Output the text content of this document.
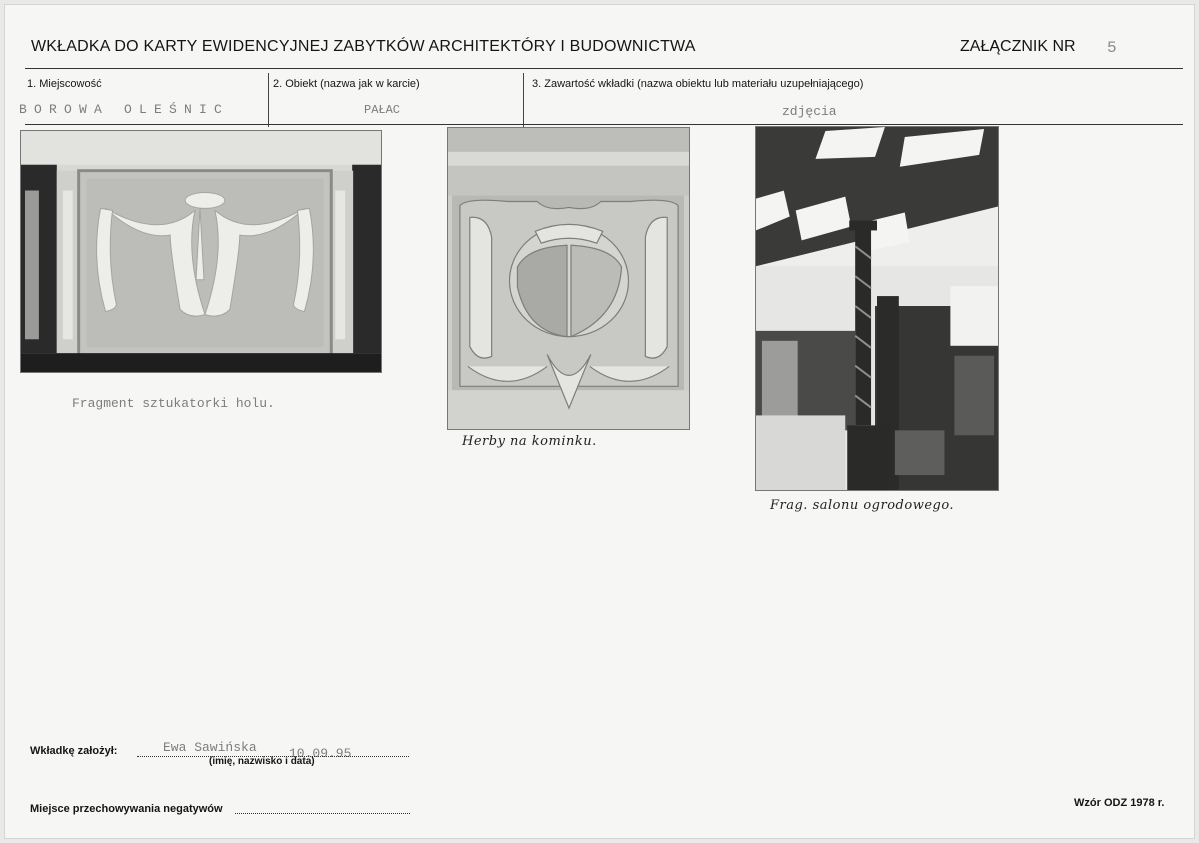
WKŁADKA DO KARTY EWIDENCYJNEJ ZABYTKÓW ARCHITEKTÓRY I BUDOWNICTWA	ZAŁĄCZNIK NR 5
1. Miejscowość	2. Obiekt (nazwa jak w karcie)	3. Zawartość wkładki (nazwa obiektu lub materiału uzupełniającego)
BOROWA OLEŚNIC	PAŁAC	zdjęcia
Fragment sztukatorki holu.
Herby na kominku.
Frag. salonu ogrodowego.
Wkładkę założył:	Ewa Sawińska 10.09.95
(imię, nazwisko i data)
Miejsce przechowywania negatywów	Wzór ODZ 1978 r.
